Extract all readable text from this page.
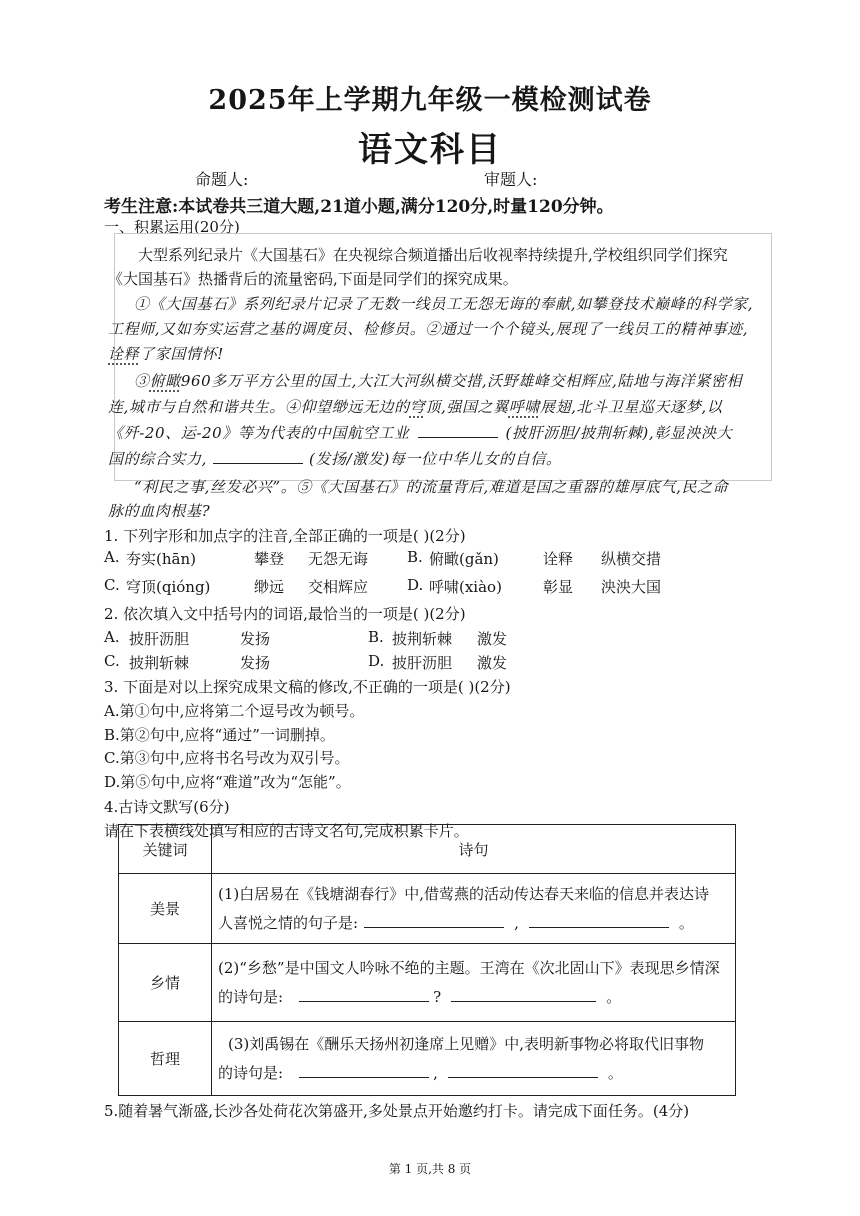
2025年上学期九年级一模检测试卷
语文科目
命题人:	审题人:
考生注意:本试卷共三道大题,21道小题,满分120分,时量120分钟。
一、积累运用(20分)
大型系列纪录片《大国基石》在央视综合频道播出后收视率持续提升,学校组织同学们探究
《大国基石》热播背后的流量密码,下面是同学们的探究成果。
①《大国基石》系列纪录片记录了无数一线员工无怨无诲的奉献,如攀登技术巅峰的科学家,
工程师,又如夯实运营之基的调度员、检修员。②通过一个个镜头,展现了一线员工的精神事迹,
诠释了家国情怀!
③俯瞰960多万平方公里的国土,大江大河纵横交措,沃野雄峰交相辉应,陆地与海洋紧密相
连,城市与自然和谐共生。④仰望缈远无边的穹顶,强国之翼呼啸展翅,北斗卫星巡天逐梦,以
《歼-20、运-20》等为代表的中国航空工业	(披肝沥胆/披荆斩棘),彰显泱泱大
国的综合实力,	(发扬/激发)每一位中华儿女的自信。
“利民之事,丝发必兴”。⑤《大国基石》的流量背后,难道是国之重器的雄厚底气,民之命
脉的血肉根基?
1. 下列字形和加点字的注音,全部正确的一项是( )(2分)
A. 夯实(hān)	攀登 无怨无诲	B. 俯瞰(gǎn)	诠释 纵横交措
C. 穹顶(qióng)	缈远 交相辉应	D. 呼啸(xiào)	彰显 泱泱大国
2. 依次填入文中括号内的词语,最恰当的一项是( )(2分)
A. 披肝沥胆	发扬	B. 披荆斩棘 激发
C. 披荆斩棘	发扬	D. 披肝沥胆 激发
3. 下面是对以上探究成果文稿的修改,不正确的一项是( )(2分)
A.第①句中,应将第二个逗号改为顿号。
B.第②句中,应将“通过”一词删掉。
C.第③句中,应将书名号改为双引号。
D.第⑤句中,应将“难道”改为“怎能”。
4.古诗文默写(6分)
请在下表横线处填写相应的古诗文名句,完成积累卡片。
关键词	诗句
美景	(1)白居易在《钱塘湖春行》中,借莺燕的活动传达春天来临的信息并表达诗
人喜悦之情的句子是: , 。

乡情	(2)“乡愁”是中国文人吟咏不绝的主题。王湾在《次北固山下》表现思乡情深
的诗句是: ? 。

哲理	(3)刘禹锡在《酬乐天扬州初逢席上见赠》中,表明新事物必将取代旧事物
的诗句是: , 。
5.随着暑气渐盛,长沙各处荷花次第盛开,多处景点开始邀约打卡。请完成下面任务。(4分)
第 1 页,共 8 页
